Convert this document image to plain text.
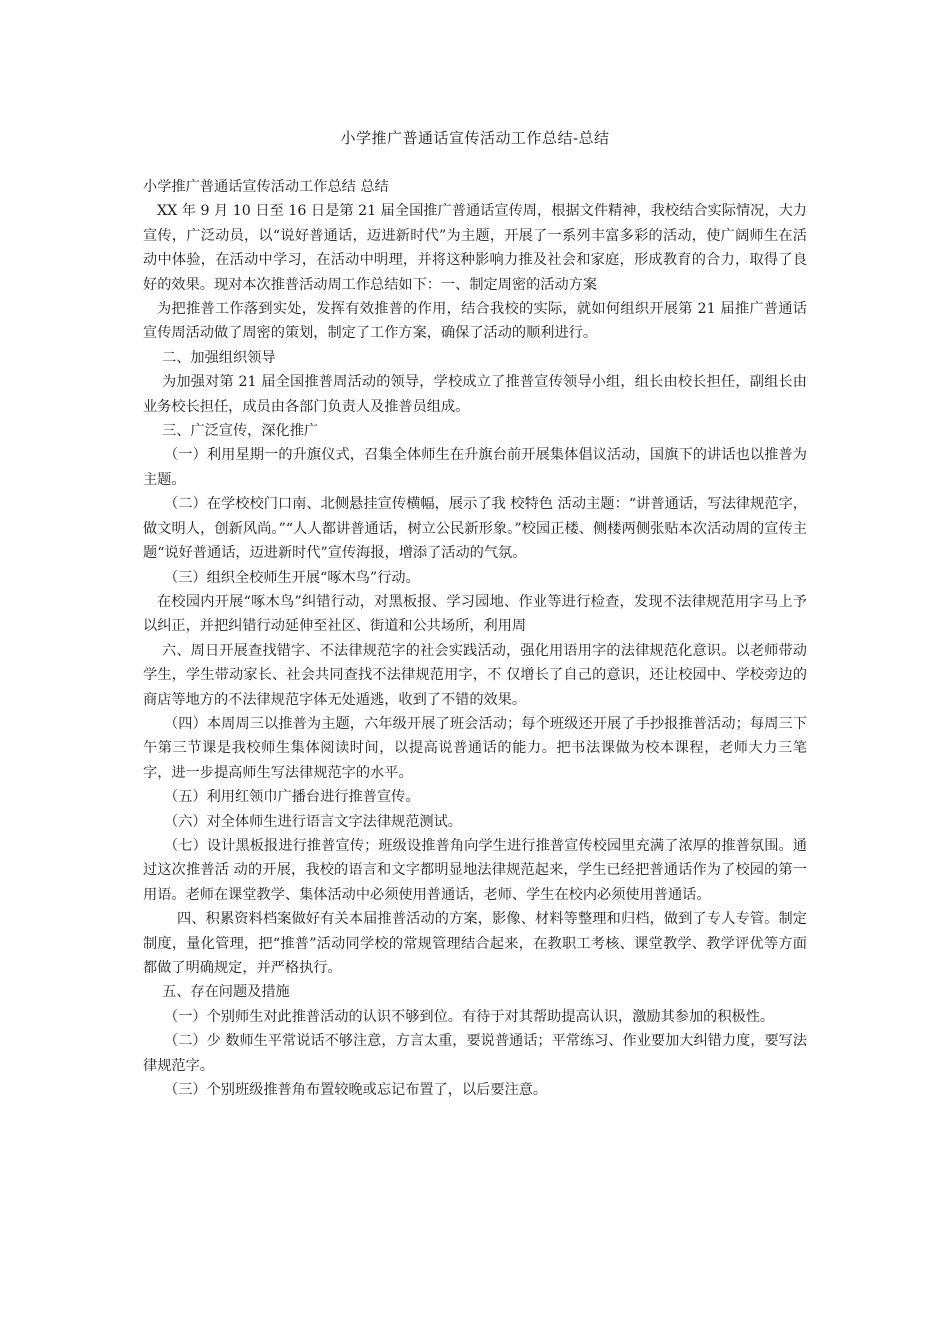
小学推广普通话宣传活动工作总结-总结

小学推广普通话宣传活动工作总结 总结

XX 年 9 月 10 日至 16 日是第 21 届全国推广普通话宣传周，根据文件精神，我校结合实际情况，大力宣传，广泛动员，以“说好普通话，迈进新时代”为主题，开展了一系列丰富多彩的活动，使广阔师生在活动中体验，在活动中学习，在活动中明理，并将这种影响力推及社会和家庭，形成教育的合力，取得了良好的效果。现对本次推普活动周工作总结如下：一、制定周密的活动方案

为把推普工作落到实处，发挥有效推普的作用，结合我校的实际，就如何组织开展第 21 届推广普通话宣传周活动做了周密的策划，制定了工作方案，确保了活动的顺利进行。

二、加强组织领导

为加强对第 21 届全国推普周活动的领导，学校成立了推普宣传领导小组，组长由校长担任，副组长由业务校长担任，成员由各部门负责人及推普员组成。

三、广泛宣传，深化推广

（一）利用星期一的升旗仪式，召集全体师生在升旗台前开展集体倡议活动，国旗下的讲话也以推普为主题。

（二）在学校校门口南、北侧悬挂宣传横幅，展示了我 校特色 活动主题：“讲普通话，写法律规范字，做文明人，创新风尚。”“人人都讲普通话，树立公民新形象。”校园正楼、侧楼两侧张贴本次活动周的宣传主题“说好普通话，迈进新时代”宣传海报，增添了活动的气氛。

（三）组织全校师生开展“啄木鸟”行动。

在校园内开展“啄木鸟”纠错行动，对黑板报、学习园地、作业等进行检查，发现不法律规范用字马上予以纠正，并把纠错行动延伸至社区、街道和公共场所，利用周

六、周日开展查找错字、不法律规范字的社会实践活动，强化用语用字的法律规范化意识。以老师带动学生，学生带动家长、社会共同查找不法律规范用字，不 仅增长了自己的意识，还让校园中、学校旁边的商店等地方的不法律规范字体无处遁逃，收到了不错的效果。

（四）本周周三以推普为主题，六年级开展了班会活动；每个班级还开展了手抄报推普活动；每周三下午第三节课是我校师生集体阅读时间，以提高说普通话的能力。把书法课做为校本课程，老师大力三笔字，进一步提高师生写法律规范字的水平。

（五）利用红领巾广播台进行推普宣传。

（六）对全体师生进行语言文字法律规范测试。

（七）设计黑板报进行推普宣传；班级设推普角向学生进行推普宣传校园里充满了浓厚的推普氛围。通过这次推普活 动的开展，我校的语言和文字都明显地法律规范起来，学生已经把普通话作为了校园的第一用语。老师在课堂教学、集体活动中必须使用普通话，老师、学生在校内必须使用普通话。

四、积累资料档案做好有关本届推普活动的方案，影像、材料等整理和归档，做到了专人专管。制定制度，量化管理，把“推普”活动同学校的常规管理结合起来，在教职工考核、课堂教学、教学评优等方面都做了明确规定，并严格执行。

五、存在问题及措施

（一）个别师生对此推普活动的认识不够到位。有待于对其帮助提高认识，激励其参加的积极性。

（二）少 数师生平常说话不够注意，方言太重，要说普通话；平常练习、作业要加大纠错力度，要写法律规范字。

（三）个别班级推普角布置较晚或忘记布置了，以后要注意。
